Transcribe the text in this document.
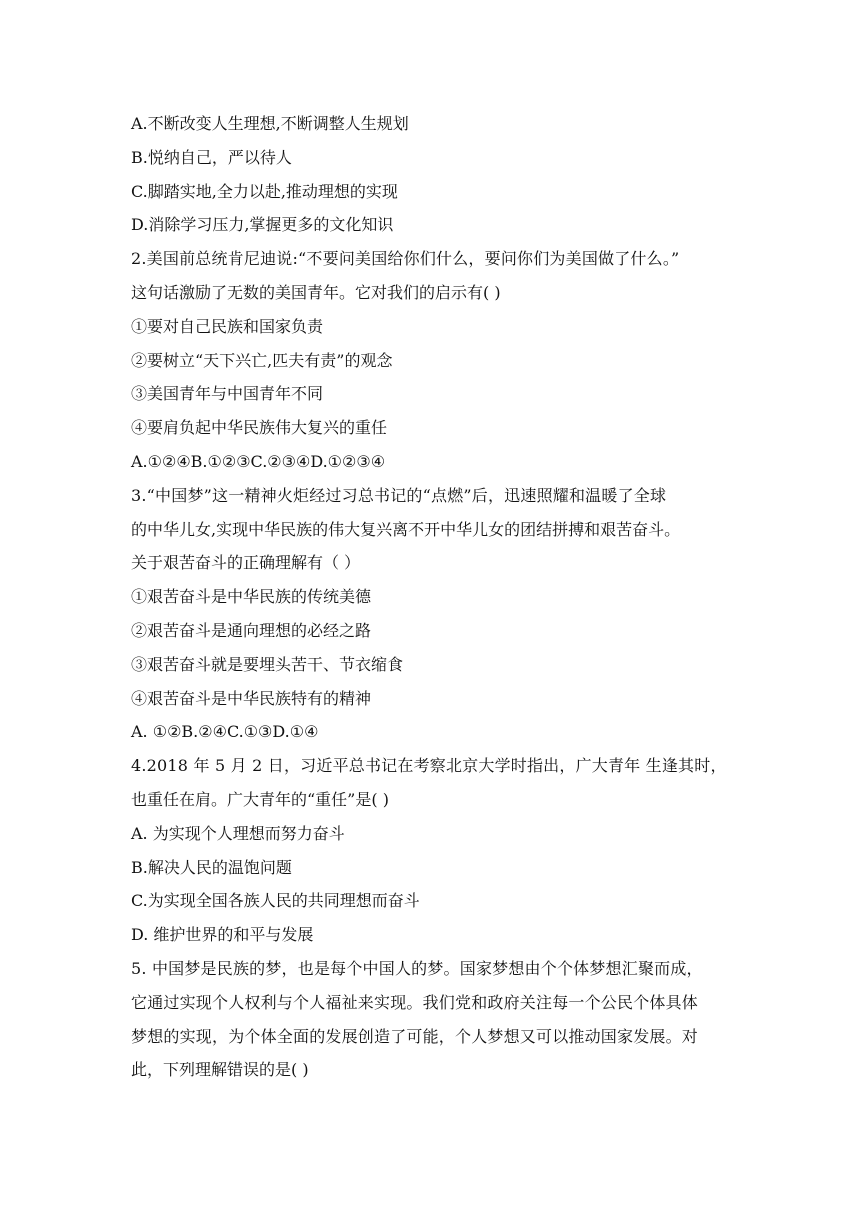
A.不断改变人生理想,不断调整人生规划
B.悦纳自己，严以待人
C.脚踏实地,全力以赴,推动理想的实现
D.消除学习压力,掌握更多的文化知识
2.美国前总统肯尼迪说:“不要问美国给你们什么，要问你们为美国做了什么。”
这句话激励了无数的美国青年。它对我们的启示有( )
①要对自己民族和国家负责
②要树立“天下兴亡,匹夫有责”的观念
③美国青年与中国青年不同
④要肩负起中华民族伟大复兴的重任
A.①②④B.①②③C.②③④D.①②③④
3.“中国梦”这一精神火炬经过习总书记的“点燃”后，迅速照耀和温暖了全球
的中华儿女,实现中华民族的伟大复兴离不开中华儿女的团结拼搏和艰苦奋斗。
关于艰苦奋斗的正确理解有（ ）
①艰苦奋斗是中华民族的传统美德
②艰苦奋斗是通向理想的必经之路
③艰苦奋斗就是要埋头苦干、节衣缩食
④艰苦奋斗是中华民族特有的精神
A. ①②B.②④C.①③D.①④
4.2018 年 5 月 2 日，习近平总书记在考察北京大学时指出，广大青年 生逢其时，
也重任在肩。广大青年的“重任”是( )
A. 为实现个人理想而努力奋斗
B.解决人民的温饱问题
C.为实现全国各族人民的共同理想而奋斗
D. 维护世界的和平与发展
5. 中国梦是民族的梦，也是每个中国人的梦。国家梦想由个个体梦想汇聚而成，
它通过实现个人权利与个人福祉来实现。我们党和政府关注每一个公民个体具体
梦想的实现，为个体全面的发展创造了可能，个人梦想又可以推动国家发展。对
此，下列理解错误的是( )
